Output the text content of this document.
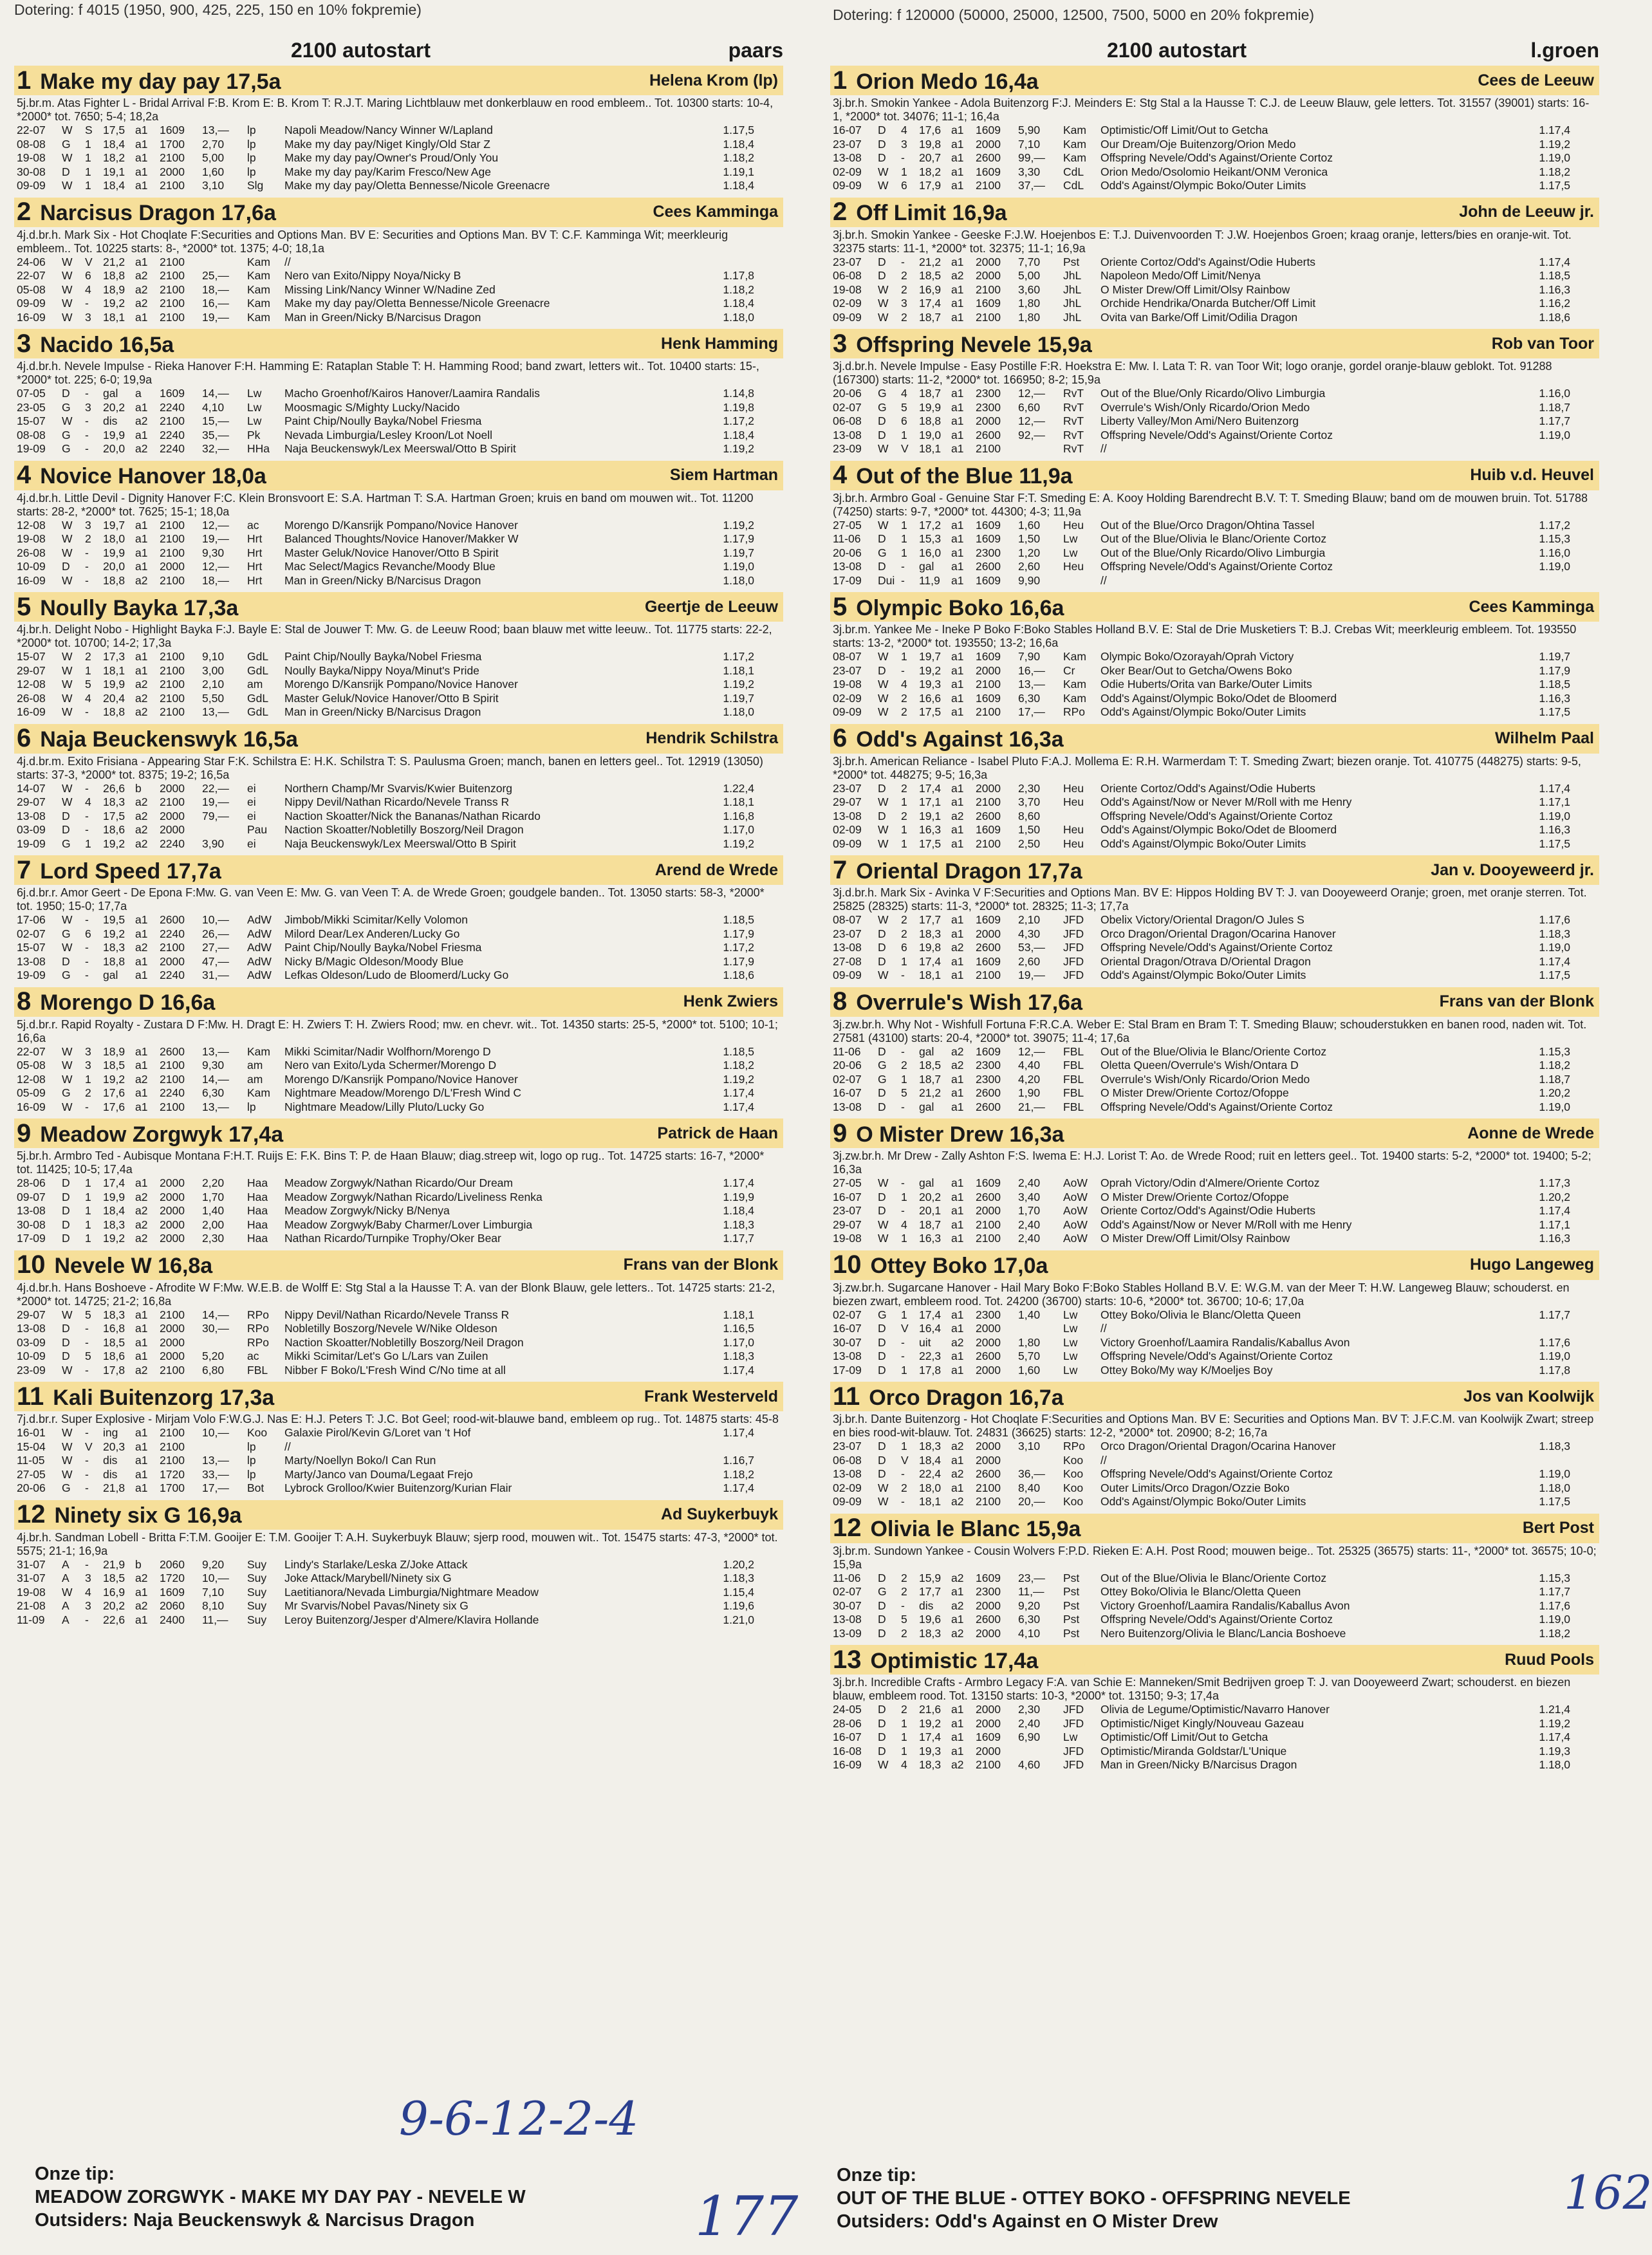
Dotering: f 4015 (1950, 900, 425, 225, 150 en 10% fokpremie)	Dotering: f 120000 (50000, 25000, 12500, 7500, 5000 en 20% fokpremie)
2100 autostart	paars
1 Make my day pay 17,5a	Helena Krom (lp)
5j.br.m. Atas Fighter L - Bridal Arrival F:B. Krom E: B. Krom T: R.J.T. Maring Lichtblauw met donkerblauw en rood embleem.. Tot. 10300 starts: 10-4, *2000* tot. 7650; 5-4; 18,2a
22-07	W	S 17,5 a1	1609	13,—	lp	Napoli Meadow/Nancy Winner W/Lapland	1.17,5
08-08	G	1	18,4 a1	1700	2,70	lp	Make my day pay/Niget Kingly/Old Star Z	1.18,4
19-08	W	1	18,2 a1	2100	5,00	lp	Make my day pay/Owner's Proud/Only You	1.18,2
30-08	D	1	19,1 a1	2000	1,60	lp	Make my day pay/Karim Fresco/New Age	1.19,1
09-09	W	1	18,4 a1	2100	3,10	Slg	Make my day pay/Oletta Bennesse/Nicole Greenacre	1.18,4
2 Narcisus Dragon 17,6a	Cees Kamminga
4j.d.br.h. Mark Six - Hot Choqlate F:Securities and Options Man. BV E: Securities and Options Man. BV T: C.F. Kamminga Wit; meerkleurig embleem.. Tot. 10225 starts: 8-, *2000* tot. 1375; 4-0; 18,1a
24-06	W	V 21,2 a1	2100	Kam	//
22-07	W	6	18,8 a2	2100	25,—	Kam	Nero van Exito/Nippy Noya/Nicky B	1.17,8
05-08	W	4	18,9 a2	2100	18,—	Kam	Missing Link/Nancy Winner W/Nadine Zed	1.18,2
09-09	W	-	19,2 a2	2100	16,—	Kam	Make my day pay/Oletta Bennesse/Nicole Greenacre	1.18,4
16-09	W	3	18,1 a1	2100	19,—	Kam	Man in Green/Nicky B/Narcisus Dragon	1.18,0
3 Nacido 16,5a	Henk Hamming
4j.d.br.h. Nevele Impulse - Rieka Hanover F:H. Hamming E: Rataplan Stable T: H. Hamming Rood; band zwart, letters wit.. Tot. 10400 starts: 15-, *2000* tot. 225; 6-0; 19,9a
07-05	D	-	gal	a	1609	14,—	Lw	Macho Groenhof/Kairos Hanover/Laamira Randalis	1.14,8
23-05	G	3	20,2 a1	2240	4,10	Lw	Moosmagic S/Mighty Lucky/Nacido	1.19,8
15-07	W	-	dis	a2	2100	15,—	Lw	Paint Chip/Noully Bayka/Nobel Friesma	1.17,2
08-08	G	-	19,9 a1	2240	35,—	Pk	Nevada Limburgia/Lesley Kroon/Lot Noell	1.18,4
19-09	G	-	20,0 a2	2240	32,—	HHa	Naja Beuckenswyk/Lex Meerswal/Otto B Spirit	1.19,2
4 Novice Hanover 18,0a	Siem Hartman
4j.d.br.h. Little Devil - Dignity Hanover F:C. Klein Bronsvoort E: S.A. Hartman T: S.A. Hartman Groen; kruis en band om mouwen wit.. Tot. 11200 starts: 28-2, *2000* tot. 7625; 15-1; 18,0a
12-08	W	3	19,7 a1	2100	12,—	ac	Morengo D/Kansrijk Pompano/Novice Hanover	1.19,2
19-08	W	2	18,0 a1	2100	19,—	Hrt	Balanced Thoughts/Novice Hanover/Makker W	1.17,9
26-08	W	-	19,9 a1	2100	9,30	Hrt	Master Geluk/Novice Hanover/Otto B Spirit	1.19,7
10-09	D	-	20,0 a1	2000	12,—	Hrt	Mac Select/Magics Revanche/Moody Blue	1.19,0
16-09	W	-	18,8 a2	2100	18,—	Hrt	Man in Green/Nicky B/Narcisus Dragon	1.18,0
5 Noully Bayka 17,3a	Geertje de Leeuw
4j.br.h. Delight Nobo - Highlight Bayka F:J. Bayle E: Stal de Jouwer T: Mw. G. de Leeuw Rood; baan blauw met witte leeuw.. Tot. 11775 starts: 22-2, *2000* tot. 10700; 14-2; 17,3a
15-07	W	2	17,3 a1	2100	9,10	GdL	Paint Chip/Noully Bayka/Nobel Friesma	1.17,2
29-07	W	1	18,1 a1	2100	3,00	GdL	Noully Bayka/Nippy Noya/Minut's Pride	1.18,1
12-08	W	5	19,9 a2	2100	2,10	am	Morengo D/Kansrijk Pompano/Novice Hanover	1.19,2
26-08	W	4	20,4 a2	2100	5,50	GdL	Master Geluk/Novice Hanover/Otto B Spirit	1.19,7
16-09	W	-	18,8 a2	2100	13,—	GdL	Man in Green/Nicky B/Narcisus Dragon	1.18,0
6 Naja Beuckenswyk 16,5a	Hendrik Schilstra
4j.d.br.m. Exito Frisiana - Appearing Star F:K. Schilstra E: H.K. Schilstra T: S. Paulusma Groen; manch, banen en letters geel.. Tot. 12919 (13050) starts: 37-3, *2000* tot. 8375; 19-2; 16,5a
14-07	W	-	26,6 b	2000	22,—	ei	Northern Champ/Mr Svarvis/Kwier Buitenzorg	1.22,4
29-07	W	4	18,3 a2	2100	19,—	ei	Nippy Devil/Nathan Ricardo/Nevele Transs R	1.18,1
13-08	D	-	17,5 a2	2000	79,—	ei	Naction Skoatter/Nick the Bananas/Nathan Ricardo	1.16,8
03-09	D	-	18,6 a2	2000	Pau	Naction Skoatter/Nobletilly Boszorg/Neil Dragon	1.17,0
19-09	G	1	19,2 a2	2240	3,90	ei	Naja Beuckenswyk/Lex Meerswal/Otto B Spirit	1.19,2
7 Lord Speed 17,7a	Arend de Wrede
6j.d.br.r. Amor Geert - De Epona F:Mw. G. van Veen E: Mw. G. van Veen T: A. de Wrede Groen; goudgele banden.. Tot. 13050 starts: 58-3, *2000* tot. 1950; 15-0; 17,7a
17-06	W	-	19,5 a1	2600	10,—	AdW	Jimbob/Mikki Scimitar/Kelly Volomon	1.18,5
02-07	G	6	19,2 a1	2240	26,—	AdW	Milord Dear/Lex Anderen/Lucky Go	1.17,9
15-07	W	-	18,3 a2	2100	27,—	AdW	Paint Chip/Noully Bayka/Nobel Friesma	1.17,2
13-08	D	-	18,8 a1	2000	47,—	AdW	Nicky B/Magic Oldeson/Moody Blue	1.17,9
19-09	G	-	gal	a1	2240	31,—	AdW	Lefkas Oldeson/Ludo de Bloomerd/Lucky Go	1.18,6
8 Morengo D 16,6a	Henk Zwiers
5j.d.br.r. Rapid Royalty - Zustara D F:Mw. H. Dragt E: H. Zwiers T: H. Zwiers Rood; mw. en chevr. wit.. Tot. 14350 starts: 25-5, *2000* tot. 5100; 10-1; 16,6a
22-07	W	3	18,9 a1	2600	13,—	Kam	Mikki Scimitar/Nadir Wolfhorn/Morengo D	1.18,5
05-08	W	3	18,5 a1	2100	9,30	am	Nero van Exito/Lyda Schermer/Morengo D	1.18,2
12-08	W	1	19,2 a2	2100	14,—	am	Morengo D/Kansrijk Pompano/Novice Hanover	1.19,2
05-09	G	2	17,6 a1	2240	6,30	Kam	Nightmare Meadow/Morengo D/L'Fresh Wind C	1.17,4
16-09	W	-	17,6 a1	2100	13,—	lp	Nightmare Meadow/Lilly Pluto/Lucky Go	1.17,4
9 Meadow Zorgwyk 17,4a	Patrick de Haan
5j.br.h. Armbro Ted - Aubisque Montana F:H.T. Ruijs E: F.K. Bins T: P. de Haan Blauw; diag.streep wit, logo op rug.. Tot. 14725 starts: 16-7, *2000* tot. 11425; 10-5; 17,4a
28-06	D	1	17,4 a1	2000	2,20	Haa	Meadow Zorgwyk/Nathan Ricardo/Our Dream	1.17,4
09-07	D	1	19,9 a2	2000	1,70	Haa	Meadow Zorgwyk/Nathan Ricardo/Liveliness Renka	1.19,9
13-08	D	1	18,4 a2	2000	1,40	Haa	Meadow Zorgwyk/Nicky B/Nenya	1.18,4
30-08	D	1	18,3 a2	2000	2,00	Haa	Meadow Zorgwyk/Baby Charmer/Lover Limburgia	1.18,3
17-09	D	1	19,2 a2	2000	2,30	Haa	Nathan Ricardo/Turnpike Trophy/Oker Bear	1.17,7
10 Nevele W 16,8a	Frans van der Blonk
4j.d.br.h. Hans Boshoeve - Afrodite W F:Mw. W.E.B. de Wolff E: Stg Stal a la Hausse T: A. van der Blonk Blauw, gele letters.. Tot. 14725 starts: 21-2, *2000* tot. 14725; 21-2; 16,8a
29-07	W	5	18,3 a1	2100	14,—	RPo	Nippy Devil/Nathan Ricardo/Nevele Transs R	1.18,1
13-08	D	-	16,8 a1	2000	30,—	RPo	Nobletilly Boszorg/Nevele W/Nike Oldeson	1.16,5
03-09	D	-	18,5 a1	2000	RPo	Naction Skoatter/Nobletilly Boszorg/Neil Dragon	1.17,0
10-09	D	5	18,6 a1	2000	5,20	ac	Mikki Scimitar/Let's Go L/Lars van Zuilen	1.18,3
23-09	W	-	17,8 a2	2100	6,80	FBL	Nibber F Boko/L'Fresh Wind C/No time at all	1.17,4
11 Kali Buitenzorg 17,3a	Frank Westerveld
7j.d.br.r. Super Explosive - Mirjam Volo F:W.G.J. Nas E: H.J. Peters T: J.C. Bot Geel; rood-wit-blauwe band, embleem op rug.. Tot. 14875 starts: 45-8
16-01	W	-	ing	a1	2100	10,—	Koo	Galaxie Pirol/Kevin G/Loret van 't Hof	1.17,4
15-04	W	V 20,3 a1	2100	lp	//
11-05	W	-	dis	a1	2100	13,—	lp	Marty/Noellyn Boko/I Can Run	1.16,7
27-05	W	-	dis	a1	1720	33,—	lp	Marty/Janco van Douma/Legaat Frejo	1.18,2
20-06	G	-	21,8 a1	1700	17,—	Bot	Lybrock Grolloo/Kwier Buitenzorg/Kurian Flair	1.17,4
12 Ninety six G 16,9a	Ad Suykerbuyk
4j.br.h. Sandman Lobell - Britta F:T.M. Gooijer E: T.M. Gooijer T: A.H. Suykerbuyk Blauw; sjerp rood, mouwen wit.. Tot. 15475 starts: 47-3, *2000* tot. 5575; 21-1; 16,9a
31-07	A	-	21,9 b	2060	9,20	Suy	Lindy's Starlake/Leska Z/Joke Attack	1.20,2
31-07	A	3	18,5 a2	1720	10,—	Suy	Joke Attack/Marybell/Ninety six G	1.18,3
19-08	W	4	16,9 a1	1609	7,10	Suy	Laetitianora/Nevada Limburgia/Nightmare Meadow	1.15,4
21-08	A	3	20,2 a2	2060	8,10	Suy	Mr Svarvis/Nobel Pavas/Ninety six G	1.19,6
11-09	A	-	22,6 a1	2400	11,—	Suy	Leroy Buitenzorg/Jesper d'Almere/Klavira Hollande	1.21,0
2100 autostart	l.groen
1 Orion Medo 16,4a	Cees de Leeuw
3j.br.h. Smokin Yankee - Adola Buitenzorg F:J. Meinders E: Stg Stal a la Hausse T: C.J. de Leeuw Blauw, gele letters. Tot. 31557 (39001) starts: 16-1, *2000* tot. 34076; 11-1; 16,4a
16-07	D	4	17,6 a1	1609	5,90	Kam	Optimistic/Off Limit/Out to Getcha	1.17,4
23-07	D	3	19,8 a1	2000	7,10	Kam	Our Dream/Oje Buitenzorg/Orion Medo	1.19,2
13-08	D	-	20,7 a1	2600	99,—	Kam	Offspring Nevele/Odd's Against/Oriente Cortoz	1.19,0
02-09	W	1	18,2 a1	1609	3,30	CdL	Orion Medo/Osolomio Heikant/ONM Veronica	1.18,2
09-09	W	6	17,9 a1	2100	37,—	CdL	Odd's Against/Olympic Boko/Outer Limits	1.17,5
2 Off Limit 16,9a	John de Leeuw jr.
3j.br.h. Smokin Yankee - Geeske F:J.W. Hoejenbos E: T.J. Duivenvoorden T: J.W. Hoejenbos Groen; kraag oranje, letters/bies en oranje-wit. Tot. 32375 starts: 11-1, *2000* tot. 32375; 11-1; 16,9a
23-07	D	-	21,2 a1	2000	7,70	Pst	Oriente Cortoz/Odd's Against/Odie Huberts	1.17,4
06-08	D	2	18,5 a2	2000	5,00	JhL	Napoleon Medo/Off Limit/Nenya	1.18,5
19-08	W	2	16,9 a1	2100	3,60	JhL	O Mister Drew/Off Limit/Olsy Rainbow	1.16,3
02-09	W	3	17,4 a1	1609	1,80	JhL	Orchide Hendrika/Onarda Butcher/Off Limit	1.16,2
09-09	W	2	18,7 a1	2100	1,80	JhL	Ovita van Barke/Off Limit/Odilia Dragon	1.18,6
3 Offspring Nevele 15,9a	Rob van Toor
3j.d.br.h. Nevele Impulse - Easy Postille F:R. Hoekstra E: Mw. I. Lata T: R. van Toor Wit; logo oranje, gordel oranje-blauw geblokt. Tot. 91288 (167300) starts: 11-2, *2000* tot. 166950; 8-2; 15,9a
20-06	G	4	18,7 a1	2300	12,—	RvT	Out of the Blue/Only Ricardo/Olivo Limburgia	1.16,0
02-07	G	5	19,9 a1	2300	6,60	RvT	Overrule's Wish/Only Ricardo/Orion Medo	1.18,7
06-08	D	6	18,8 a1	2000	12,—	RvT	Liberty Valley/Mon Ami/Nero Buitenzorg	1.17,7
13-08	D	1	19,0 a1	2600	92,—	RvT	Offspring Nevele/Odd's Against/Oriente Cortoz	1.19,0
23-09	W	V 18,1 a1	2100	RvT	//
4 Out of the Blue 11,9a	Huib v.d. Heuvel
3j.br.h. Armbro Goal - Genuine Star F:T. Smeding E: A. Kooy Holding Barendrecht B.V. T: T. Smeding Blauw; band om de mouwen bruin. Tot. 51788 (74250) starts: 9-7, *2000* tot. 44300; 4-3; 11,9a
27-05	W	1	17,2 a1	1609	1,60	Heu	Out of the Blue/Orco Dragon/Ohtina Tassel	1.17,2
11-06	D	1	15,3 a1	1609	1,50	Lw	Out of the Blue/Olivia le Blanc/Oriente Cortoz	1.15,3
20-06	G	1	16,0 a1	2300	1,20	Lw	Out of the Blue/Only Ricardo/Olivo Limburgia	1.16,0
13-08	D	-	gal	a1	2600	2,60	Heu	Offspring Nevele/Odd's Against/Oriente Cortoz	1.19,0
17-09	Dui -	11,9 a1	1609	9,90	//
5 Olympic Boko 16,6a	Cees Kamminga
3j.br.m. Yankee Me - Ineke P Boko F:Boko Stables Holland B.V. E: Stal de Drie Musketiers T: B.J. Crebas Wit; meerkleurig embleem. Tot. 193550 starts: 13-2, *2000* tot. 193550; 13-2; 16,6a
08-07	W	1	19,7 a1	1609	7,90	Kam	Olympic Boko/Ozorayah/Oprah Victory	1.19,7
23-07	D	-	19,2 a1	2000	16,—	Cr	Oker Bear/Out to Getcha/Owens Boko	1.17,9
19-08	W	4	19,3 a1	2100	13,—	Kam	Odie Huberts/Orita van Barke/Outer Limits	1.18,5
02-09	W	2	16,6 a1	1609	6,30	Kam	Odd's Against/Olympic Boko/Odet de Bloomerd	1.16,3
09-09	W	2	17,5 a1	2100	17,—	RPo	Odd's Against/Olympic Boko/Outer Limits	1.17,5
6 Odd's Against 16,3a	Wilhelm Paal
3j.br.h. American Reliance - Isabel Pluto F:A.J. Mollema E: R.H. Warmerdam T: T. Smeding Zwart; biezen oranje. Tot. 410775 (448275) starts: 9-5, *2000* tot. 448275; 9-5; 16,3a
23-07	D	2	17,4 a1	2000	2,30	Heu	Oriente Cortoz/Odd's Against/Odie Huberts	1.17,4
29-07	W	1	17,1 a1	2100	3,70	Heu	Odd's Against/Now or Never M/Roll with me Henry	1.17,1
13-08	D	2	19,1 a2	2600	8,60	Offspring Nevele/Odd's Against/Oriente Cortoz	1.19,0
02-09	W	1	16,3 a1	1609	1,50	Heu	Odd's Against/Olympic Boko/Odet de Bloomerd	1.16,3
09-09	W	1	17,5 a1	2100	2,50	Heu	Odd's Against/Olympic Boko/Outer Limits	1.17,5
7 Oriental Dragon 17,7a	Jan v. Dooyeweerd jr.
3j.d.br.h. Mark Six - Avinka V F:Securities and Options Man. BV E: Hippos Holding BV T: J. van Dooyeweerd Oranje; groen, met oranje sterren. Tot. 25825 (28325) starts: 11-3, *2000* tot. 28325; 11-3; 17,7a
08-07	W	2	17,7 a1	1609	2,10	JFD	Obelix Victory/Oriental Dragon/O Jules S	1.17,6
23-07	D	2	18,3 a1	2000	4,30	JFD	Orco Dragon/Oriental Dragon/Ocarina Hanover	1.18,3
13-08	D	6	19,8 a2	2600	53,—	JFD	Offspring Nevele/Odd's Against/Oriente Cortoz	1.19,0
27-08	D	1	17,4 a1	1609	2,60	JFD	Oriental Dragon/Otrava D/Oriental Dragon	1.17,4
09-09	W	-	18,1 a1	2100	19,—	JFD	Odd's Against/Olympic Boko/Outer Limits	1.17,5
8 Overrule's Wish 17,6a	Frans van der Blonk
3j.zw.br.h. Why Not - Wishfull Fortuna F:R.C.A. Weber E: Stal Bram en Bram T: T. Smeding Blauw; schouderstukken en banen rood, naden wit. Tot. 27581 (43100) starts: 20-4, *2000* tot. 39075; 11-4; 17,6a
11-06	D	-	gal	a2	1609	12,—	FBL	Out of the Blue/Olivia le Blanc/Oriente Cortoz	1.15,3
20-06	G	2	18,5 a2	2300	4,40	FBL	Oletta Queen/Overrule's Wish/Ontara D	1.18,2
02-07	G	1	18,7 a1	2300	4,20	FBL	Overrule's Wish/Only Ricardo/Orion Medo	1.18,7
16-07	D	5	21,2 a1	2600	1,90	FBL	O Mister Drew/Oriente Cortoz/Ofoppe	1.20,2
13-08	D	-	gal	a1	2600	21,—	FBL	Offspring Nevele/Odd's Against/Oriente Cortoz	1.19,0
9 O Mister Drew 16,3a	Aonne de Wrede
3j.zw.br.h. Mr Drew - Zally Ashton F:S. Iwema E: H.J. Lorist T: Ao. de Wrede Rood; ruit en letters geel.. Tot. 19400 starts: 5-2, *2000* tot. 19400; 5-2; 16,3a
27-05	W	-	gal	a1	1609	2,40	AoW	Oprah Victory/Odin d'Almere/Oriente Cortoz	1.17,3
16-07	D	1	20,2 a1	2600	3,40	AoW	O Mister Drew/Oriente Cortoz/Ofoppe	1.20,2
23-07	D	-	20,1 a1	2000	1,70	AoW	Oriente Cortoz/Odd's Against/Odie Huberts	1.17,4
29-07	W	4	18,7 a1	2100	2,40	AoW	Odd's Against/Now or Never M/Roll with me Henry	1.17,1
19-08	W	1	16,3 a1	2100	2,40	AoW	O Mister Drew/Off Limit/Olsy Rainbow	1.16,3
10 Ottey Boko 17,0a	Hugo Langeweg
3j.zw.br.h. Sugarcane Hanover - Hail Mary Boko F:Boko Stables Holland B.V. E: W.G.M. van der Meer T: H.W. Langeweg Blauw; schouderst. en biezen zwart, embleem rood. Tot. 24200 (36700) starts: 10-6, *2000* tot. 36700; 10-6; 17,0a
02-07	G	1	17,4 a1	2300	1,40	Lw	Ottey Boko/Olivia le Blanc/Oletta Queen	1.17,7
16-07	D	V 16,4 a1	2000	Lw	//
30-07	D	-	uit	a2	2000	1,80	Lw	Victory Groenhof/Laamira Randalis/Kaballus Avon	1.17,6
13-08	D	-	22,3 a1	2600	5,70	Lw	Offspring Nevele/Odd's Against/Oriente Cortoz	1.19,0
17-09	D	1	17,8 a1	2000	1,60	Lw	Ottey Boko/My way K/Moeljes Boy	1.17,8
11 Orco Dragon 16,7a	Jos van Koolwijk
3j.br.h. Dante Buitenzorg - Hot Choqlate F:Securities and Options Man. BV E: Securities and Options Man. BV T: J.F.C.M. van Koolwijk Zwart; streep en bies rood-wit-blauw. Tot. 24831 (36625) starts: 12-2, *2000* tot. 20900; 8-2; 16,7a
23-07	D	1	18,3 a2	2000	3,10	RPo	Orco Dragon/Oriental Dragon/Ocarina Hanover	1.18,3
06-08	D	V 18,4 a1	2000	Koo	//
13-08	D	-	22,4 a2	2600	36,—	Koo	Offspring Nevele/Odd's Against/Oriente Cortoz	1.19,0
02-09	W	2	18,0 a1	2100	8,40	Koo	Outer Limits/Orco Dragon/Ozzie Boko	1.18,0
09-09	W	-	18,1 a2	2100	20,—	Koo	Odd's Against/Olympic Boko/Outer Limits	1.17,5
12 Olivia le Blanc 15,9a	Bert Post
3j.br.m. Sundown Yankee - Cousin Wolvers F:P.D. Rieken E: A.H. Post Rood; mouwen beige.. Tot. 25325 (36575) starts: 11-, *2000* tot. 36575; 10-0; 15,9a
11-06	D	2	15,9 a2	1609	23,—	Pst	Out of the Blue/Olivia le Blanc/Oriente Cortoz	1.15,3
02-07	G	2	17,7 a1	2300	11,—	Pst	Ottey Boko/Olivia le Blanc/Oletta Queen	1.17,7
30-07	D	-	dis	a2	2000	9,20	Pst	Victory Groenhof/Laamira Randalis/Kaballus Avon	1.17,6
13-08	D	5	19,6 a1	2600	6,30	Pst	Offspring Nevele/Odd's Against/Oriente Cortoz	1.19,0
13-09	D	2	18,3 a2	2000	4,10	Pst	Nero Buitenzorg/Olivia le Blanc/Lancia Boshoeve	1.18,2
13 Optimistic 17,4a	Ruud Pools
3j.br.h. Incredible Crafts - Armbro Legacy F:A. van Schie E: Manneken/Smit Bedrijven groep T: J. van Dooyeweerd Zwart; schouderst. en biezen blauw, embleem rood. Tot. 13150 starts: 10-3, *2000* tot. 13150; 9-3; 17,4a
24-05	D	2	21,6 a1	2000	2,30	JFD	Olivia de Legume/Optimistic/Navarro Hanover	1.21,4
28-06	D	1	19,2 a1	2000	2,40	JFD	Optimistic/Niget Kingly/Nouveau Gazeau	1.19,2
16-07	D	1	17,4 a1	1609	6,90	Lw	Optimistic/Off Limit/Out to Getcha	1.17,4
16-08	D	1	19,3 a1	2000	JFD	Optimistic/Miranda Goldstar/L'Unique	1.19,3
16-09	W	4	18,3 a2	2100	4,60	JFD	Man in Green/Nicky B/Narcisus Dragon	1.18,0
9-6-12-2-4
177	162
Onze tip:
MEADOW ZORGWYK - MAKE MY DAY PAY - NEVELE W
Outsiders: Naja Beuckenswyk & Narcisus Dragon
Onze tip:
OUT OF THE BLUE - OTTEY BOKO - OFFSPRING NEVELE
Outsiders: Odd's Against en O Mister Drew
